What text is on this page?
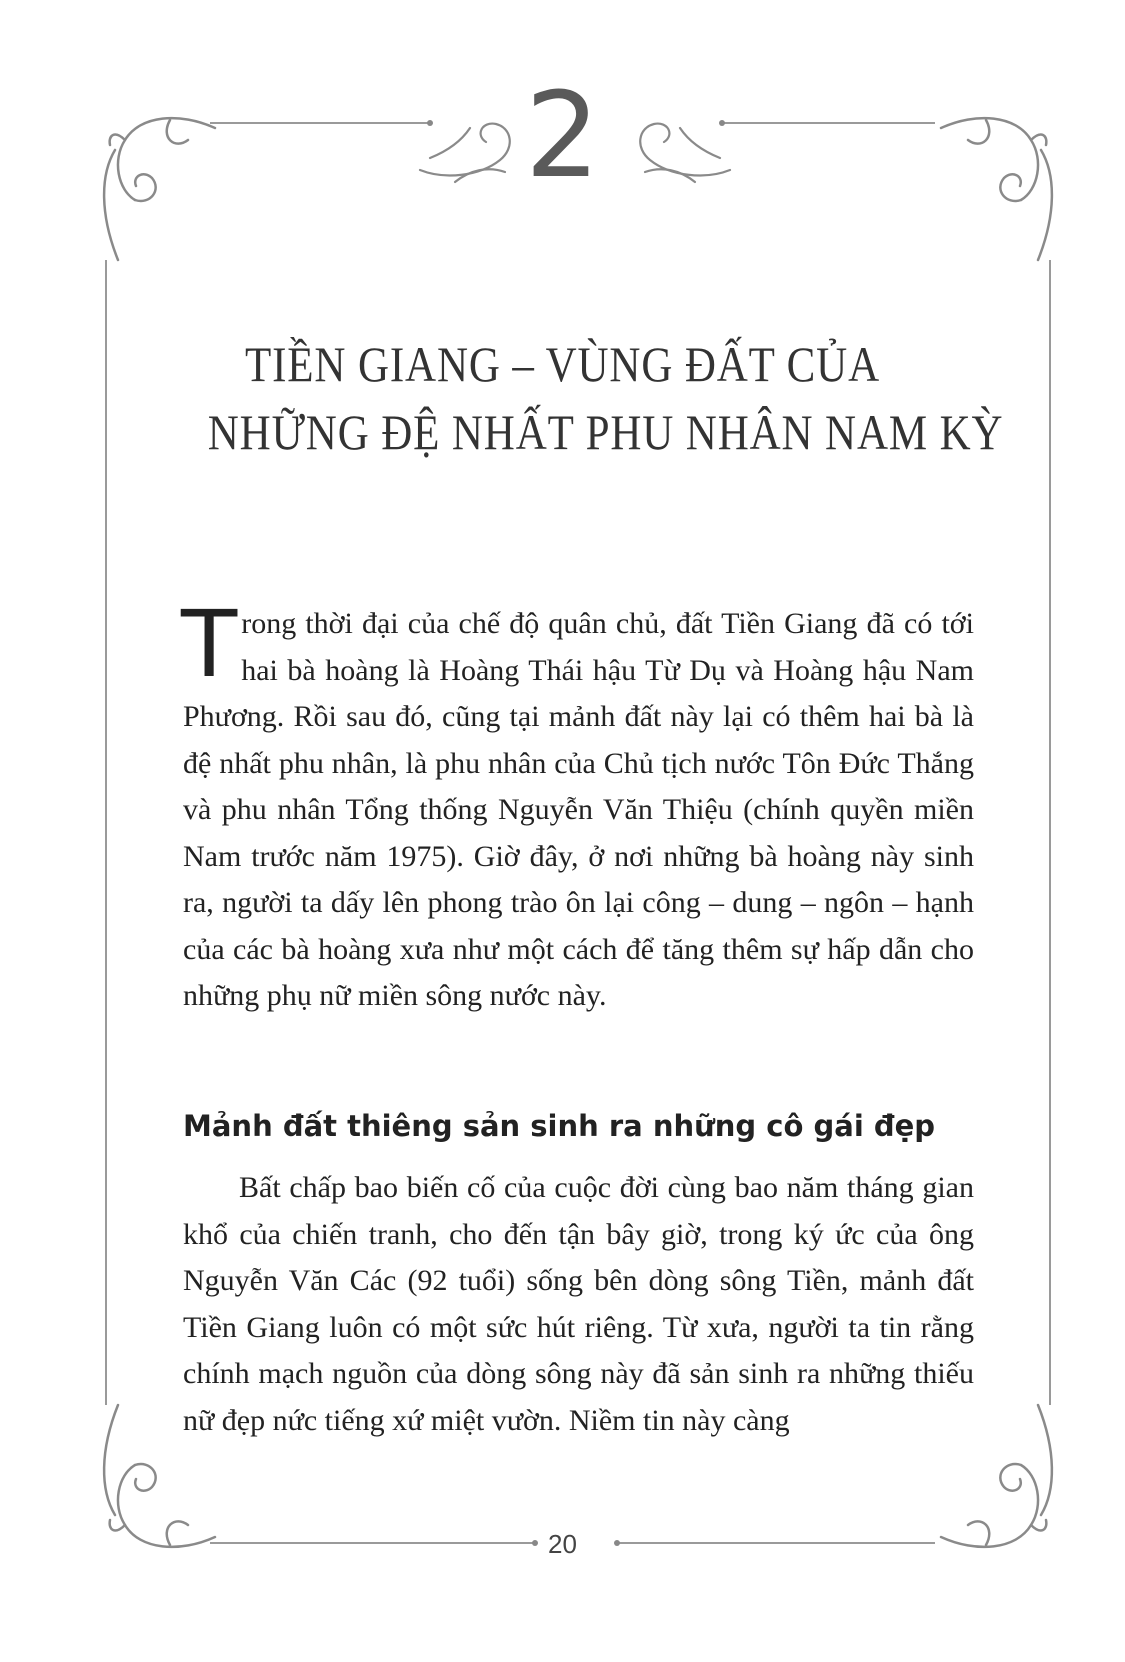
2
TIỀN GIANG – VÙNG ĐẤT CỦA
NHỮNG ĐỆ NHẤT PHU NHÂN NAM KỲ

Trong thời đại của chế độ quân chủ, đất Tiền Giang đã có tới hai bà hoàng là Hoàng Thái hậu Từ Dụ và Hoàng hậu Nam Phương. Rồi sau đó, cũng tại mảnh đất này lại có thêm hai bà là đệ nhất phu nhân, là phu nhân của Chủ tịch nước Tôn Đức Thắng và phu nhân Tổng thống Nguyễn Văn Thiệu (chính quyền miền Nam trước năm 1975). Giờ đây, ở nơi những bà hoàng này sinh ra, người ta dấy lên phong trào ôn lại công – dung – ngôn – hạnh của các bà hoàng xưa như một cách để tăng thêm sự hấp dẫn cho những phụ nữ miền sông nước này.

Mảnh đất thiêng sản sinh ra những cô gái đẹp

Bất chấp bao biến cố của cuộc đời cùng bao năm tháng gian khổ của chiến tranh, cho đến tận bây giờ, trong ký ức của ông Nguyễn Văn Các (92 tuổi) sống bên dòng sông Tiền, mảnh đất Tiền Giang luôn có một sức hút riêng. Từ xưa, người ta tin rằng chính mạch nguồn của dòng sông này đã sản sinh ra những thiếu nữ đẹp nức tiếng xứ miệt vườn. Niềm tin này càng

20
